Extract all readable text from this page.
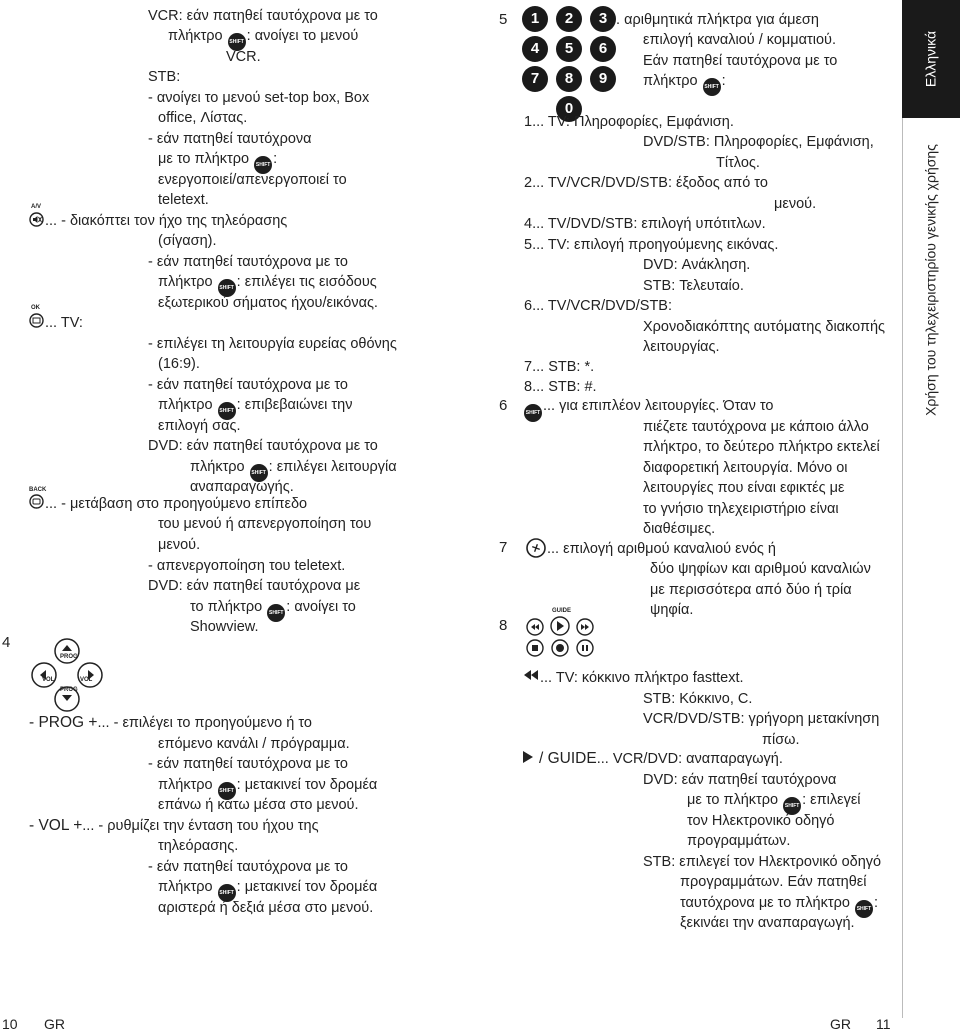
VCR: εάν πατηθεί ταυτόχρονα με το
πλήκτρο SHIFT : ανοίγει το μενού
VCR.
STB:
- ανοίγει το μενού set-top box, Box
office, Λίστας.
- εάν πατηθεί ταυτόχρονα
με το πλήκτρο SHIFT :
ενεργοποιεί/απενεργοποιεί το
teletext.
A/V
... - διακόπτει τον ήχο της τηλεόρασης
(σίγαση).
- εάν πατηθεί ταυτόχρονα με το
πλήκτρο SHIFT : επιλέγει τις εισόδους
εξωτερικού σήματος ήχου/εικόνας.
OK
... TV:
- επιλέγει τη λειτουργία ευρείας οθόνης
(16:9).
- εάν πατηθεί ταυτόχρονα με το
πλήκτρο SHIFT : επιβεβαιώνει την
επιλογή σας.
DVD: εάν πατηθεί ταυτόχρονα με το
πλήκτρο SHIFT : επιλέγει λειτουργία
αναπαραγωγής.
BACK
... - μετάβαση στο προηγούμενο επίπεδο
του μενού ή απενεργοποίηση του
μενού.
- απενεργοποίηση του teletext.
DVD: εάν πατηθεί ταυτόχρονα με
το πλήκτρο SHIFT : ανοίγει το
Showview.
4
PROG
VOL	VOL
PROG
- PROG +... - επιλέγει το προηγούμενο ή το
επόμενο κανάλι / πρόγραμμα.
- εάν πατηθεί ταυτόχρονα με το
πλήκτρο SHIFT : μετακινεί τον δρομέα
επάνω ή κάτω μέσα στο μενού.
- VOL +... - ρυθμίζει την ένταση του ήχου της
τηλεόρασης.
- εάν πατηθεί ταυτόχρονα με το
πλήκτρο SHIFT : μετακινεί τον δρομέα
αριστερά ή δεξιά μέσα στο μενού.
5	1	2	3
4	5	6
7	8	9
0
... αριθμητικά πλήκτρα για άμεση
επιλογή καναλιού / κομματιού.
Εάν πατηθεί ταυτόχρονα με το
πλήκτρο SHIFT :
1... TV: Πληροφορίες, Εμφάνιση.
DVD/STB: Πληροφορίες, Εμφάνιση,
Τίτλος.
2... TV/VCR/DVD/STB: έξοδος από το
μενού.
4... TV/DVD/STB: επιλογή υπότιτλων.
5... TV: επιλογή προηγούμενης εικόνας.
DVD: Ανάκληση.
STB: Τελευταίο.
6... TV/VCR/DVD/STB:
Χρονοδιακόπτης αυτόματης διακοπής
λειτουργίας.
7... STB: *.
8... STB: #.
6	SHIFT ... για επιπλέον λειτουργίες. Όταν το
πιέζετε ταυτόχρονα με κάποιο άλλο
πλήκτρο, το δεύτερο πλήκτρο εκτελεί
διαφορετική λειτουργία. Μόνο οι
λειτουργίες που είναι εφικτές με
το γνήσιο τηλεχειριστήριο είναι
διαθέσιμες.
7	... επιλογή αριθμού καναλιού ενός ή
δύο ψηφίων και αριθμού καναλιών
με περισσότερα από δύο ή τρία
ψηφία.
8
GUIDE
... TV: κόκκινο πλήκτρο fasttext.
STB: Κόκκινο, C.
VCR/DVD/STB: γρήγορη μετακίνηση
πίσω.
/ GUIDE... VCR/DVD: αναπαραγωγή.
DVD: εάν πατηθεί ταυτόχρονα
με το πλήκτρο SHIFT : επιλεγεί
τον Ηλεκτρονικό οδηγό
προγραμμάτων.
STB: επιλεγεί τον Ηλεκτρονικό οδηγό
προγραμμάτων. Εάν πατηθεί
ταυτόχρονα με το πλήκτρο SHIFT :
ξεκινάει την αναπαραγωγή.
Ελληνικά
Χρήση του τηλεχειριστηρίου γενικής χρήσης
10 GR	GR 11
